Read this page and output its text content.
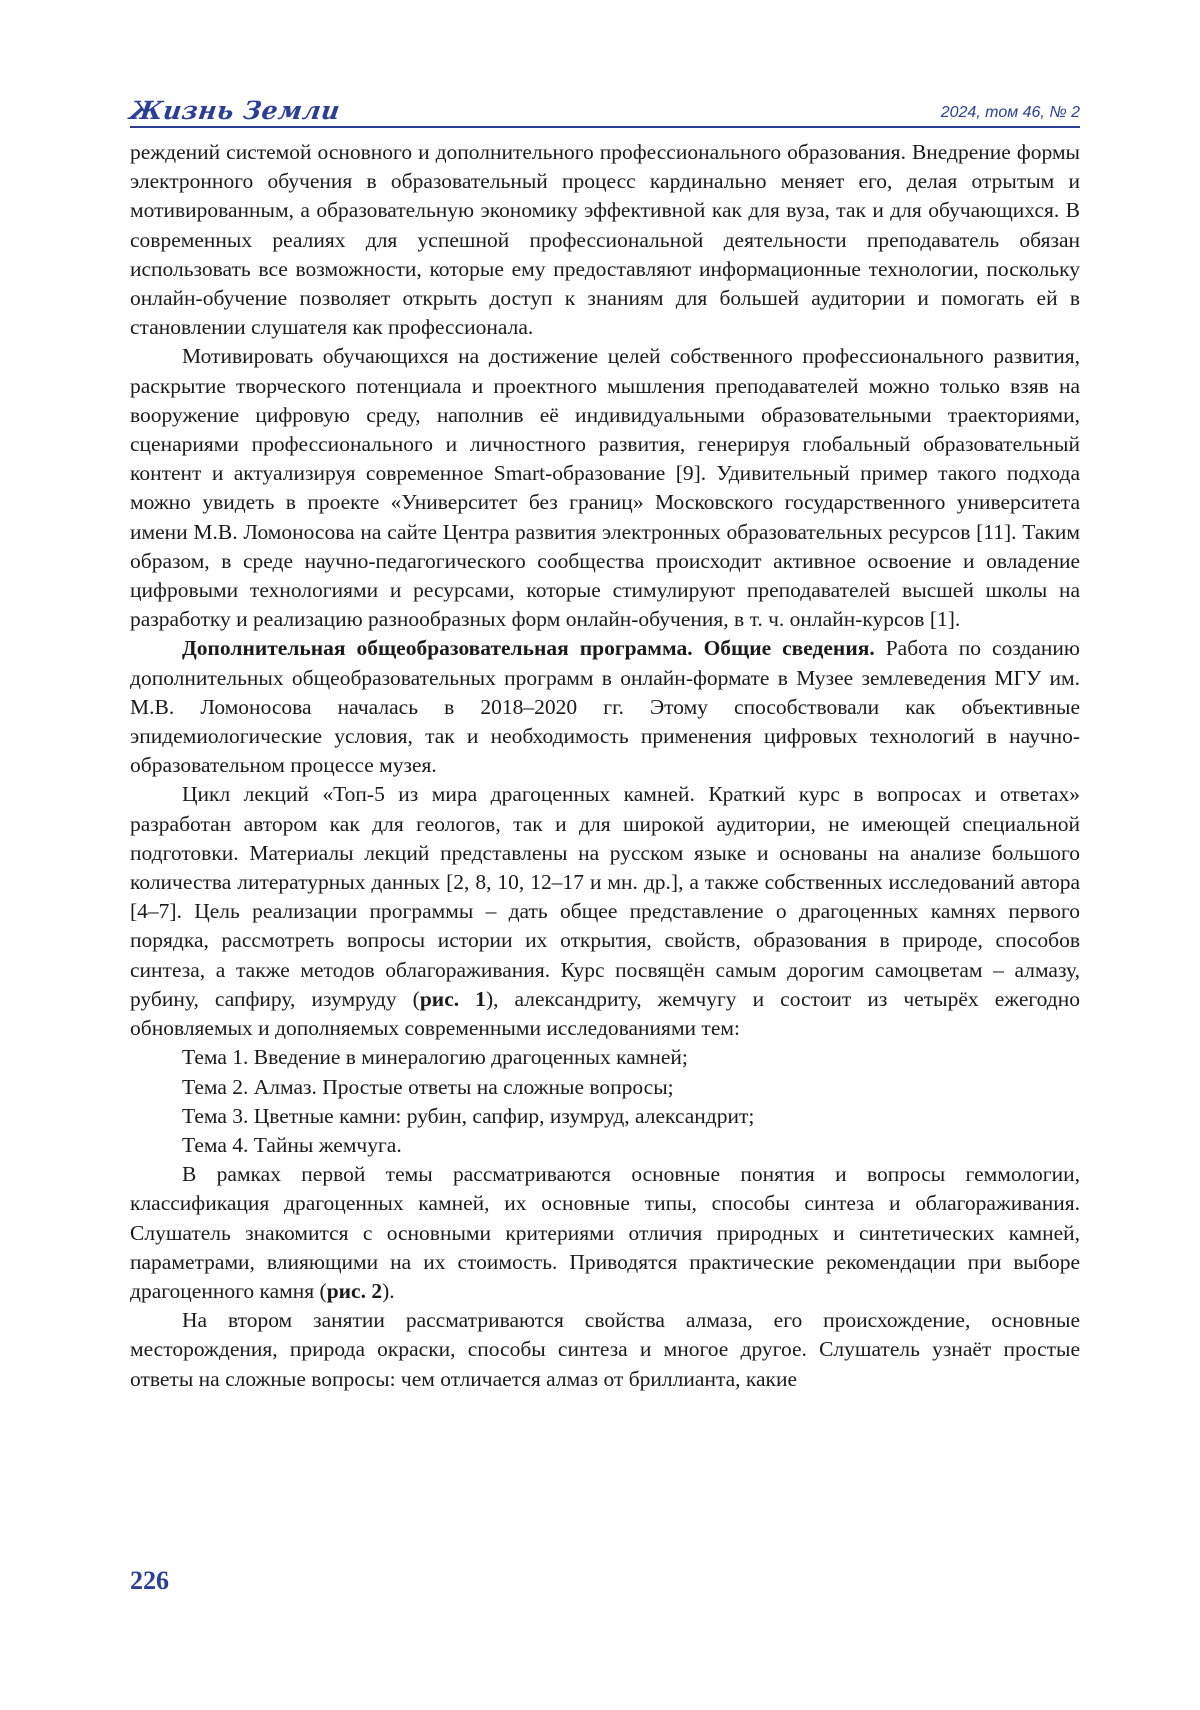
Жизнь Земли	2024, том 46, № 2

реждений системой основного и дополнительного профессионального образования. Внедрение формы электронного обучения в образовательный процесс кардинально меняет его, делая отрытым и мотивированным, а образовательную экономику эффективной как для вуза, так и для обучающихся. В современных реалиях для успешной профессиональной деятельности преподаватель обязан использовать все возможности, которые ему предоставляют информационные технологии, поскольку онлайн-обучение позволяет открыть доступ к знаниям для большей аудитории и помогать ей в становлении слушателя как профессионала.

Мотивировать обучающихся на достижение целей собственного профессионального развития, раскрытие творческого потенциала и проектного мышления преподавателей можно только взяв на вооружение цифровую среду, наполнив её индивидуальными образовательными траекториями, сценариями профессионального и личностного развития, генерируя глобальный образовательный контент и актуализируя современное Smart-образование [9]. Удивительный пример такого подхода можно увидеть в проекте «Университет без границ» Московского государственного университета имени М.В. Ломоносова на сайте Центра развития электронных образовательных ресурсов [11]. Таким образом, в среде научно-педагогического сообщества происходит активное освоение и овладение цифровыми технологиями и ресурсами, которые стимулируют преподавателей высшей школы на разработку и реализацию разнообразных форм онлайн-обучения, в т. ч. онлайн-курсов [1].

Дополнительная общеобразовательная программа. Общие сведения. Работа по созданию дополнительных общеобразовательных программ в онлайн-формате в Музее землеведения МГУ им. М.В. Ломоносова началась в 2018–2020 гг. Этому способствовали как объективные эпидемиологические условия, так и необходимость применения цифровых технологий в научно-образовательном процессе музея.

Цикл лекций «Топ-5 из мира драгоценных камней. Краткий курс в вопросах и ответах» разработан автором как для геологов, так и для широкой аудитории, не имеющей специальной подготовки. Материалы лекций представлены на русском языке и основаны на анализе большого количества литературных данных [2, 8, 10, 12–17 и мн. др.], а также собственных исследований автора [4–7]. Цель реализации программы – дать общее представление о драгоценных камнях первого порядка, рассмотреть вопросы истории их открытия, свойств, образования в природе, способов синтеза, а также методов облагораживания. Курс посвящён самым дорогим самоцветам – алмазу, рубину, сапфиру, изумруду (рис. 1), александриту, жемчугу и состоит из четырёх ежегодно обновляемых и дополняемых современными исследованиями тем:

Тема 1. Введение в минералогию драгоценных камней;

Тема 2. Алмаз. Простые ответы на сложные вопросы;

Тема 3. Цветные камни: рубин, сапфир, изумруд, александрит;

Тема 4. Тайны жемчуга.

В рамках первой темы рассматриваются основные понятия и вопросы геммологии, классификация драгоценных камней, их основные типы, способы синтеза и облагораживания. Слушатель знакомится с основными критериями отличия природных и синтетических камней, параметрами, влияющими на их стоимость. Приводятся практические рекомендации при выборе драгоценного камня (рис. 2).

На втором занятии рассматриваются свойства алмаза, его происхождение, основные месторождения, природа окраски, способы синтеза и многое другое. Слушатель узнаёт простые ответы на сложные вопросы: чем отличается алмаз от бриллианта, какие

226
